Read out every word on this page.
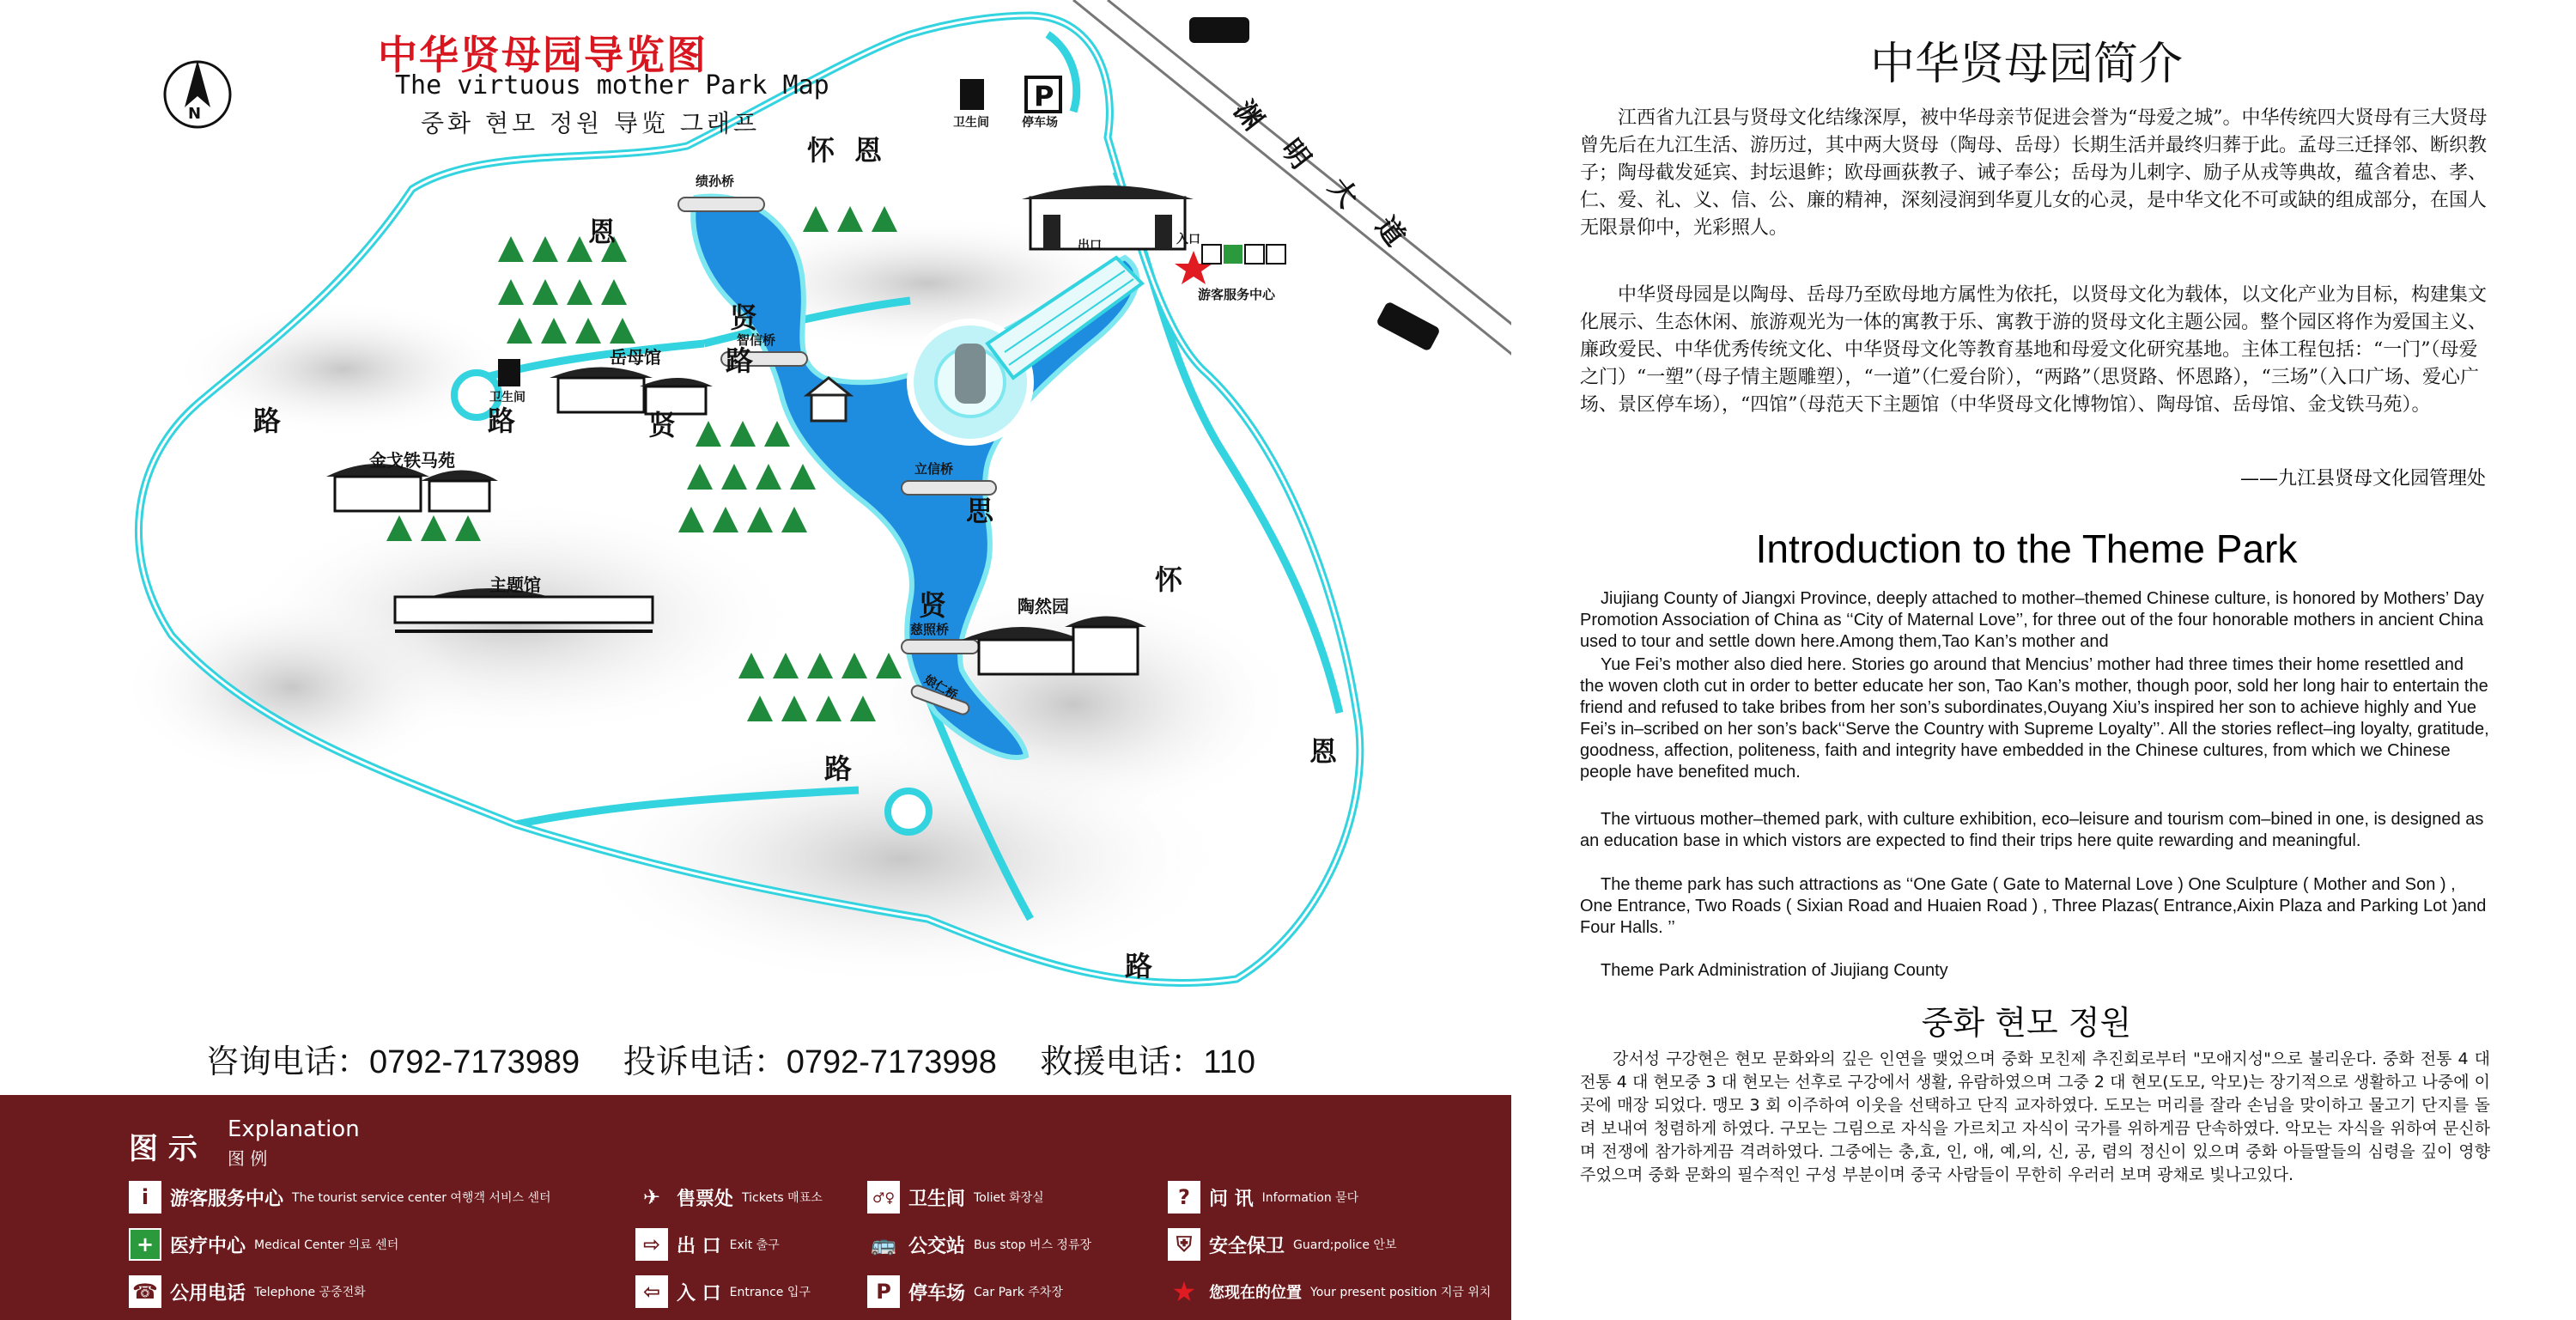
P
中华贤母园导览图
The virtuous mother Park Map
중화 현모 정원 导览 그래프
N	渊
明
大
道
绩孙桥
智信桥
立信桥
慈照桥
娘仁桥
岳母馆
金戈铁马苑
主题馆
陶然园
卫生间
卫生间
停车场
出口	入口
游客服务中心
恩
怀
路	贤
路
思
贤
路
怀
恩
路
恩
贤
路
咨询电话：0792-7173989 投诉电话：0792-7173998 救援电话：110
图 示
Explanation
图 例
i	游客服务中心 The tourist service center 여행객 서비스 센터
+ 医疗中心 Medical Center 의료 센터
☎ 公用电话 Telephone 공중전화
✈ 售票处 Tickets 매표소
⇨ 出 口 Exit 출구
⇦ 入 口 Entrance 입구
♂♀ 卫生间 Toliet 화장실
🚌 公交站 Bus stop 버스 정류장
P 停车场 Car Park 주차장
?	问 讯 Information 묻다
⛨ 安全保卫 Guard;police 안보
★ 您现在的位置 Your present position 지금 위치
中华贤母园简介
江西省九江县与贤母文化结缘深厚，被中华母亲节促进会誉为“母爱之城”。中华传统四大贤母有三大贤母曾先后在九江生活、游历过，其中两大贤母（陶母、岳母）长期生活并最终归葬于此。孟母三迁择邻、断织教子；陶母截发延宾、封坛退鲊；欧母画荻教子、诫子奉公；岳母为儿刺字、励子从戎等典故，蕴含着忠、孝、仁、爱、礼、义、信、公、廉的精神，深刻浸润到华夏儿女的心灵，是中华文化不可或缺的组成部分，在国人无限景仰中，光彩照人。
中华贤母园是以陶母、岳母乃至欧母地方属性为依托，以贤母文化为载体，以文化产业为目标，构建集文化展示、生态休闲、旅游观光为一体的寓教于乐、寓教于游的贤母文化主题公园。整个园区将作为爱国主义、廉政爱民、中华优秀传统文化、中华贤母文化等教育基地和母爱文化研究基地。主体工程包括：“一门”（母爱之门）“一塑”（母子情主题雕塑），“一道”（仁爱台阶），“两路”（思贤路、怀恩路），“三场”（入口广场、爱心广场、景区停车场），“四馆”（母范天下主题馆（中华贤母文化博物馆）、陶母馆、岳母馆、金戈铁马苑）。
——九江县贤母文化园管理处
Introduction to the Theme Park
Jiujiang County of Jiangxi Province, deeply attached to mother–themed Chinese culture, is honored by Mothers’ Day Promotion Association of China as ‘‘City of Maternal Love’’, for three out of the four honorable mothers in ancient China used to tour and settle down here.Among them,Tao Kan’s mother and
Yue Fei’s mother also died here. Stories go around that Mencius’ mother had three times their home resettled and the woven cloth cut in order to better educate her son, Tao Kan’s mother, though poor, sold her long hair to entertain the friend and refused to take bribes from her son’s subordinates,Ouyang Xiu’s inspired her son to achieve highly and Yue Fei’s in–scribed on her son’s back‘‘Serve the Country with Supreme Loyalty’’. All the stories reflect–ing loyalty, gratitude, goodness, affection, politeness, faith and integrity have embedded in the Chinese cultures, from which we Chinese people have benefited much.
The virtuous mother–themed park, with culture exhibition, eco–leisure and tourism com–bined in one, is designed as an education base in which vistors are expected to find their trips here quite rewarding and meaningful.
The theme park has such attractions as ‘‘One Gate ( Gate to Maternal Love ) One Sculpture ( Mother and Son ) , One Entrance, Two Roads ( Sixian Road and Huaien Road ) , Three Plazas( Entrance,Aixin Plaza and Parking Lot )and Four Halls. ’’
Theme Park Administration of Jiujiang County
중화 현모 정원
강서성 구강현은 현모 문화와의 깊은 인연을 맺었으며 중화 모친제 추진회로부터 "모애지성"으로 불리운다. 중화 전통 4 대 전통 4 대 현모중 3 대 현모는 선후로 구강에서 생활, 유람하였으며 그중 2 대 현모(도모, 악모)는 장기적으로 생활하고 나중에 이곳에 매장 되었다. 맹모 3 회 이주하여 이웃을 선택하고 단직 교자하였다. 도모는 머리를 잘라 손님을 맞이하고 물고기 단지를 돌려 보내여 청렴하게 하였다. 구모는 그림으로 자식을 가르치고 자식이 국가를 위하게끔 단속하였다. 악모는 자식을 위하여 문신하며 전쟁에 참가하게끔 격려하였다. 그중에는 충,효, 인, 애, 예,의, 신, 공, 렴의 정신이 있으며 중화 아들딸들의 심령을 깊이 영향 주었으며 중화 문화의 필수적인 구성 부분이며 중국 사람들이 무한히 우러러 보며 광채로 빛나고있다.
